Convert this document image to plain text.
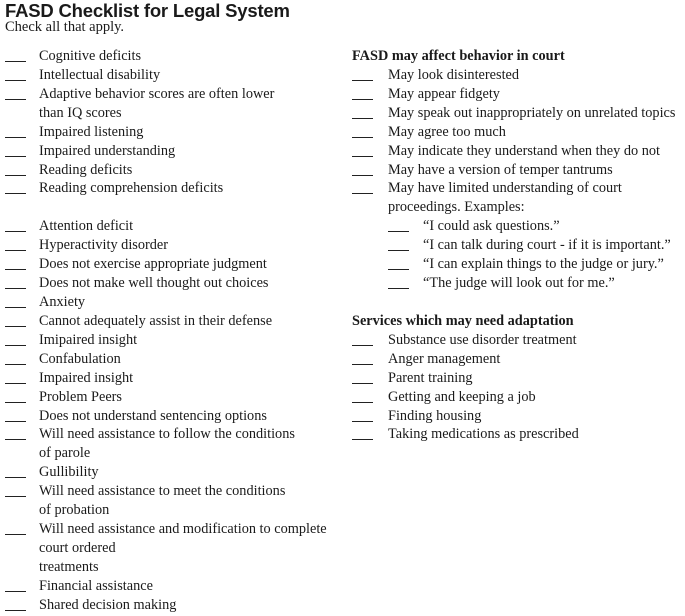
FASD Checklist for Legal System
Check all that apply.
Cognitive deficits
Intellectual disability
Adaptive behavior scores are often lower
than IQ scores
Impaired listening
Impaired understanding
Reading deficits
Reading comprehension deficits
Attention deficit
Hyperactivity disorder
Does not exercise appropriate judgment
Does not make well thought out choices
Anxiety
Cannot adequately assist in their defense
Imipaired insight
Confabulation
Impaired insight
Problem Peers
Does not understand sentencing options
Will need assistance to follow the conditions
of parole
Gullibility
Will need assistance to meet the conditions
of probation
Will need assistance and modification to complete
court ordered
treatments
Financial assistance
Shared decision making
FASD may affect behavior in court
May look disinterested
May appear fidgety
May speak out inappropriately on unrelated topics
May agree too much
May indicate they understand when they do not
May have a version of temper tantrums
May have limited understanding of court
proceedings. Examples:
“I could ask questions.”
“I can talk during court - if it is important.”
“I can explain things to the judge or jury.”
“The judge will look out for me.”
Services which may need adaptation
Substance use disorder treatment
Anger management
Parent training
Getting and keeping a job
Finding housing
Taking medications as prescribed
